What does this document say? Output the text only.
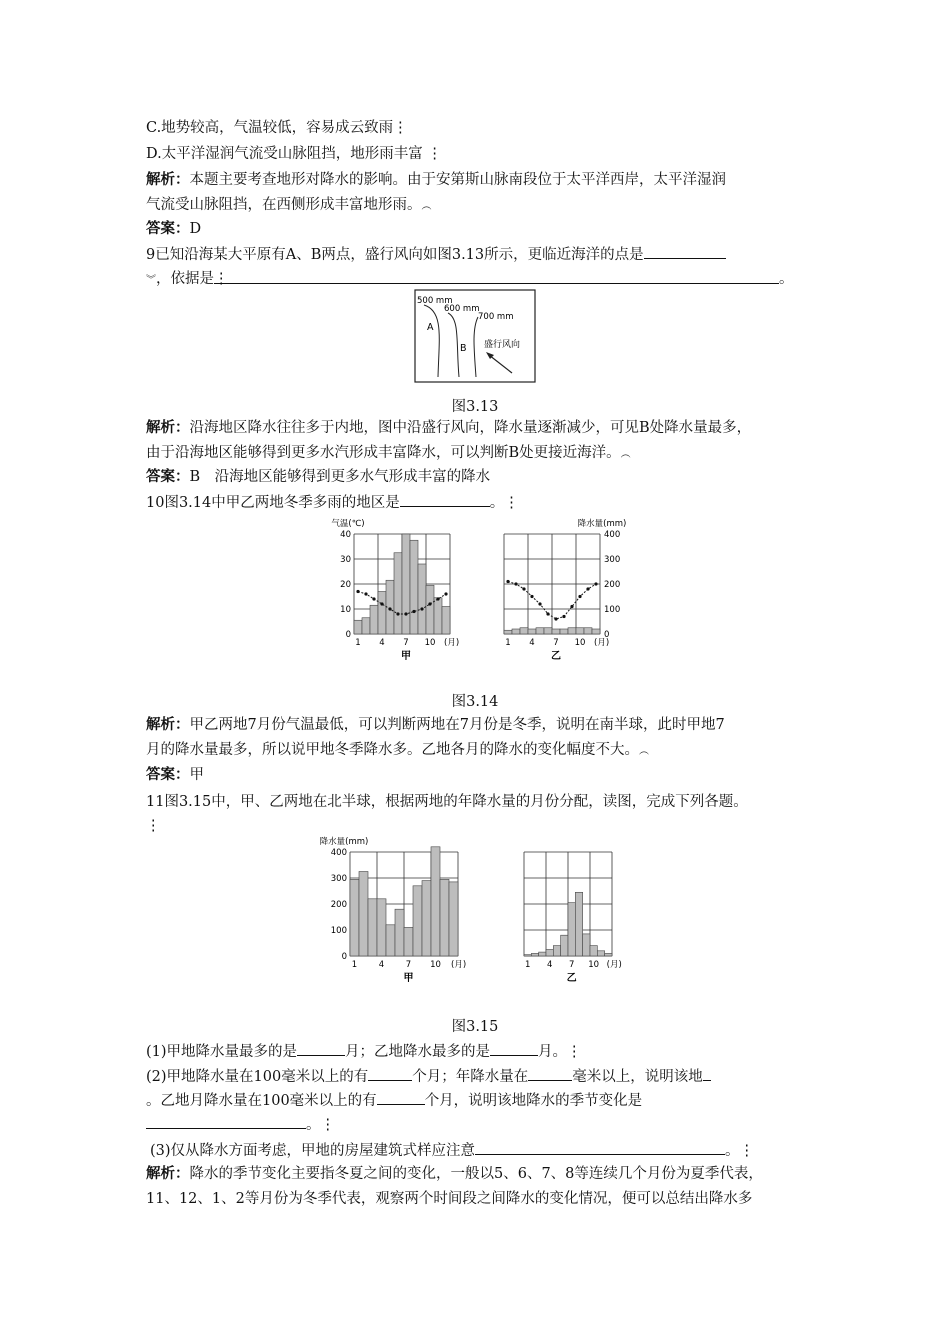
C.地势较高，气温较低，容易成云致雨⋮
D.太平洋湿润气流受山脉阻挡，地形雨丰富 ⋮
解析：本题主要考查地形对降水的影响。由于安第斯山脉南段位于太平洋西岸，太平洋湿润
气流受山脉阻挡，在西侧形成丰富地形雨。︵
答案：D
9已知沿海某大平原有A、B两点，盛行风向如图3.13所示，更临近海洋的点是
︾，依据是⋮	。
500 mm
600 mm
700 mm
A
B 盛行风向
图3.13
解析：沿海地区降水往往多于内地，图中沿盛行风向，降水量逐渐减少，可见B处降水量最多，
由于沿海地区能够得到更多水汽形成丰富降水，可以判断B处更接近海洋。︵
答案：B　沿海地区能够得到更多水气形成丰富的降水
10图3.14中甲乙两地冬季多雨的地区是	。⋮
0
10
20
30
40
气温(℃)
1 4 7 10 (月)
甲
0
100
200
300
400
降水量(mm)
1 4 7 10 (月)
乙
图3.14
解析：甲乙两地7月份气温最低，可以判断两地在7月份是冬季，说明在南半球，此时甲地7
月的降水量最多，所以说甲地冬季降水多。乙地各月的降水的变化幅度不大。︵
答案：甲
11图3.15中，甲、乙两地在北半球，根据两地的年降水量的月份分配，读图，完成下列各题。
⋮
0
100
200
300
400
降水量(mm)
1	4	7 10 (月)
甲
1 4 7 10 (月)
乙
图3.15
(1)甲地降水量最多的是	月；乙地降水最多的是	月。⋮
(2)甲地降水量在100毫米以上的有	个月；年降水量在	毫米以上，说明该地
。乙地月降水量在100毫米以上的有	个月，说明该地降水的季节变化是
。⋮
(3)仅从降水方面考虑，甲地的房屋建筑式样应注意	。⋮
解析：降水的季节变化主要指冬夏之间的变化，一般以5、6、7、8等连续几个月份为夏季代表，
11、12、1、2等月份为冬季代表，观察两个时间段之间降水的变化情况，便可以总结出降水多
